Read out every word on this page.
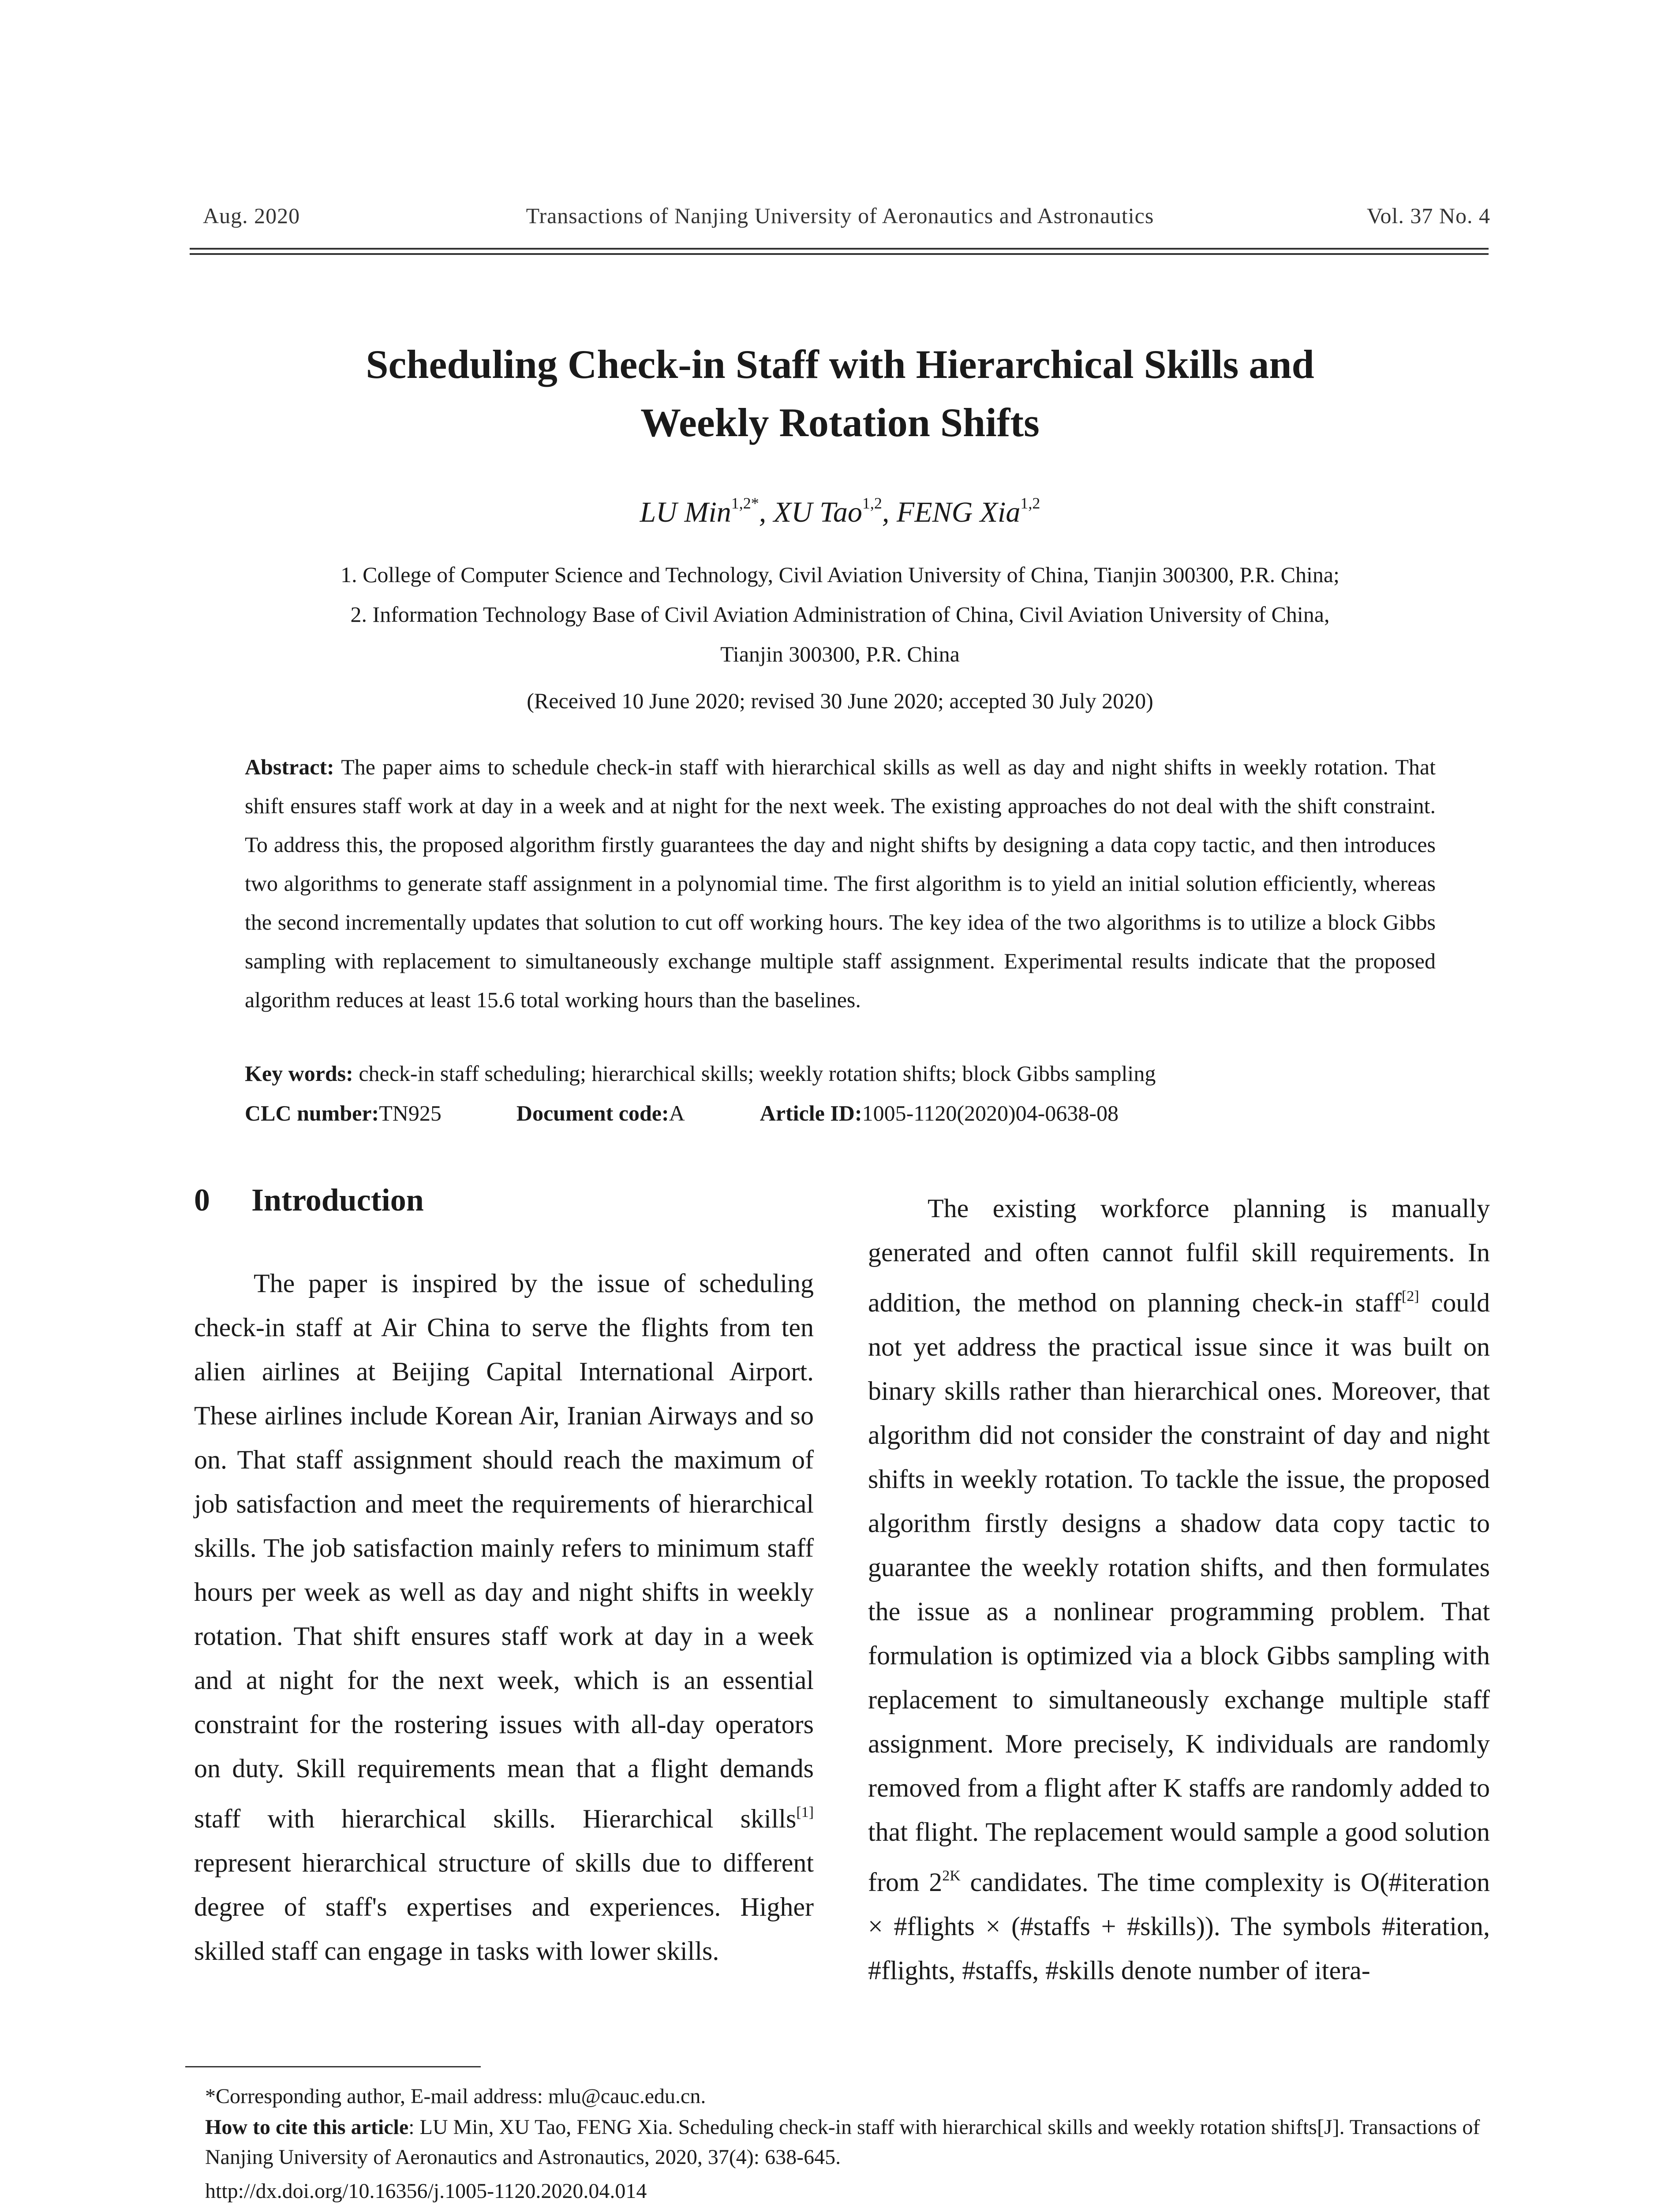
Aug. 2020	Transactions of Nanjing University of Aeronautics and Astronautics	Vol. 37 No. 4
Scheduling Check-in Staff with Hierarchical Skills and
Weekly Rotation Shifts
LU Min$^{1,2*}$, XU Tao$^{1,2}$, FENG Xia$^{1,2}$
1. College of Computer Science and Technology, Civil Aviation University of China, Tianjin 300300, P.R. China;
2. Information Technology Base of Civil Aviation Administration of China, Civil Aviation University of China,
Tianjin 300300, P.R. China
(Received 10 June 2020; revised 30 June 2020; accepted 30 July 2020)
Abstract: The paper aims to schedule check-in staff with hierarchical skills as well as day and night shifts in weekly rotation. That shift ensures staff work at day in a week and at night for the next week. The existing approaches do not deal with the shift constraint. To address this, the proposed algorithm firstly guarantees the day and night shifts by designing a data copy tactic, and then introduces two algorithms to generate staff assignment in a polynomial time. The first algorithm is to yield an initial solution efficiently, whereas the second incrementally updates that solution to cut off working hours. The key idea of the two algorithms is to utilize a block Gibbs sampling with replacement to simultaneously exchange multiple staff assignment. Experimental results indicate that the proposed algorithm reduces at least 15.6 total working hours than the baselines.
Key words: check-in staff scheduling; hierarchical skills; weekly rotation shifts; block Gibbs sampling
CLC number:TN925	Document code:A	Article ID:1005-1120(2020)04-0638-08
0 Introduction

The paper is inspired by the issue of scheduling check-in staff at Air China to serve the flights from ten alien airlines at Beijing Capital International Airport. These airlines include Korean Air, Iranian Airways and so on. That staff assignment should reach the maximum of job satisfaction and meet the requirements of hierarchical skills. The job satisfaction mainly refers to minimum staff hours per week as well as day and night shifts in weekly rotation. That shift ensures staff work at day in a week and at night for the next week, which is an essential constraint for the rostering issues with all-day operators on duty. Skill requirements mean that a flight demands staff with hierarchical skills. Hierarchical skills[1] represent hierarchical structure of skills due to different degree of staff's expertises and experiences. Higher skilled staff can engage in tasks with lower skills.

The existing workforce planning is manually generated and often cannot fulfil skill requirements. In addition, the method on planning check-in staff[2] could not yet address the practical issue since it was built on binary skills rather than hierarchical ones. Moreover, that algorithm did not consider the constraint of day and night shifts in weekly rotation. To tackle the issue, the proposed algorithm firstly designs a shadow data copy tactic to guarantee the weekly rotation shifts, and then formulates the issue as a nonlinear programming problem. That formulation is optimized via a block Gibbs sampling with replacement to simultaneously exchange multiple staff assignment. More precisely, K individuals are randomly removed from a flight after K staffs are randomly added to that flight. The replacement would sample a good solution from 2$^{2K}$ candidates. The time complexity is O(#iteration × #flights × (#staffs + #skills)). The symbols #iteration, #flights, #staffs, #skills denote number of itera-

*Corresponding author, E-mail address: mlu@cauc.edu.cn.
How to cite this article: LU Min, XU Tao, FENG Xia. Scheduling check-in staff with hierarchical skills and weekly rotation shifts[J]. Transactions of Nanjing University of Aeronautics and Astronautics, 2020, 37(4): 638-645.
http://dx.doi.org/10.16356/j.1005-1120.2020.04.014
